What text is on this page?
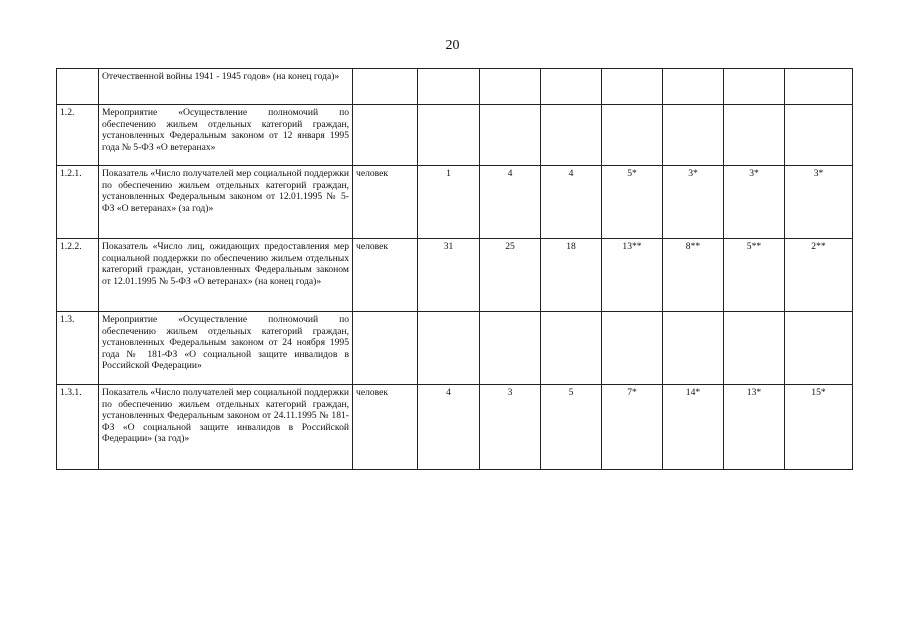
20
	Отечественной войны 1941 - 1945 годов» (на конец года)»								
1.2.	Мероприятие «Осуществление полномочий по обеспечению жильем отдельных категорий граждан, установленных Федеральным законом от 12 января 1995 года № 5-ФЗ «О ветеранах»								
1.2.1.	Показатель «Число получателей мер социальной поддержки по обеспечению жильем отдельных категорий граждан, установленных Федеральным законом от 12.01.1995 № 5-ФЗ «О ветеранах» (за год)»	человек	1	4	4	5*	3*	3*	3*
1.2.2.	Показатель «Число лиц, ожидающих предоставления мер социальной поддержки по обеспечению жильем отдельных категорий граждан, установленных Федеральным законом от 12.01.1995 № 5-ФЗ «О ветеранах» (на конец года)»	человек	31	25	18	13**	8**	5**	2**
1.3.	Мероприятие «Осуществление полномочий по обеспечению жильем отдельных категорий граждан, установленных Федеральным законом от 24 ноября 1995 года № 181-ФЗ «О социальной защите инвалидов в Российской Федерации»								
1.3.1.	Показатель «Число получателей мер социальной поддержки по обеспечению жильем отдельных категорий граждан, установленных Федеральным законом от 24.11.1995 № 181-ФЗ «О социальной защите инвалидов в Российской Федерации» (за год)»	человек	4	3	5	7*	14*	13*	15*
